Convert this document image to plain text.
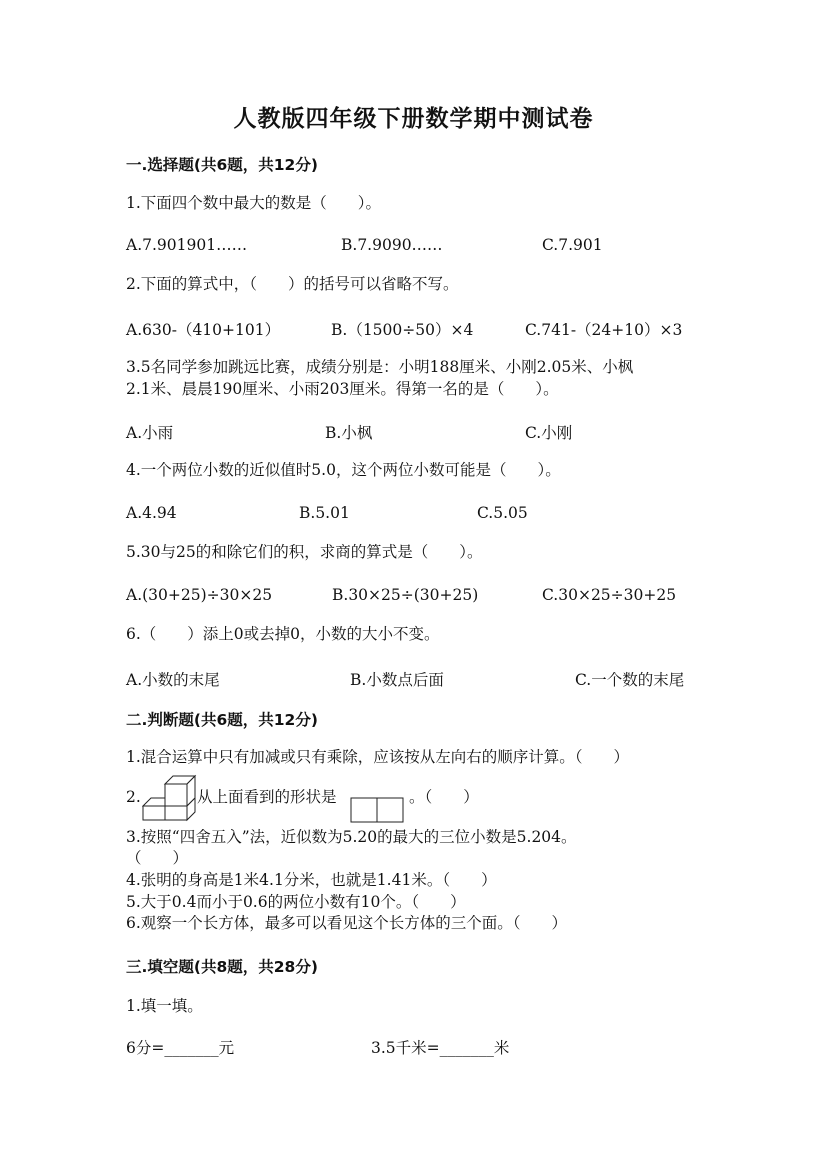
人教版四年级下册数学期中测试卷
一.选择题(共6题，共12分)
1.下面四个数中最大的数是（　　）。
A.7.901901……	B.7.9090……	C.7.901
2.下面的算式中，（　　）的括号可以省略不写。
A.630-（410+101）	B.（1500÷50）×4	C.741-（24+10）×3
3.5名同学参加跳远比赛，成绩分别是：小明188厘米、小刚2.05米、小枫
2.1米、晨晨190厘米、小雨203厘米。得第一名的是（　　）。
A.小雨	B.小枫	C.小刚
4.一个两位小数的近似值时5.0，这个两位小数可能是（　　）。
A.4.94	B.5.01	C.5.05
5.30与25的和除它们的积，求商的算式是（　　）。
A.(30+25)÷30×25	B.30×25÷(30+25)	C.30×25÷30+25
6.（　　）添上0或去掉0，小数的大小不变。
A.小数的末尾	B.小数点后面	C.一个数的末尾
二.判断题(共6题，共12分)
1.混合运算中只有加减或只有乘除，应该按从左向右的顺序计算。（　　）
2.	从上面看到的形状是	。（　　）
3.按照“四舍五入”法，近似数为5.20的最大的三位小数是5.204。
（　　）
4.张明的身高是1米4.1分米，也就是1.41米。（　　）
5.大于0.4而小于0.6的两位小数有10个。（　　）
6.观察一个长方体，最多可以看见这个长方体的三个面。（　　）
三.填空题(共8题，共28分)
1.填一填。
6分=_______元	3.5千米=_______米
